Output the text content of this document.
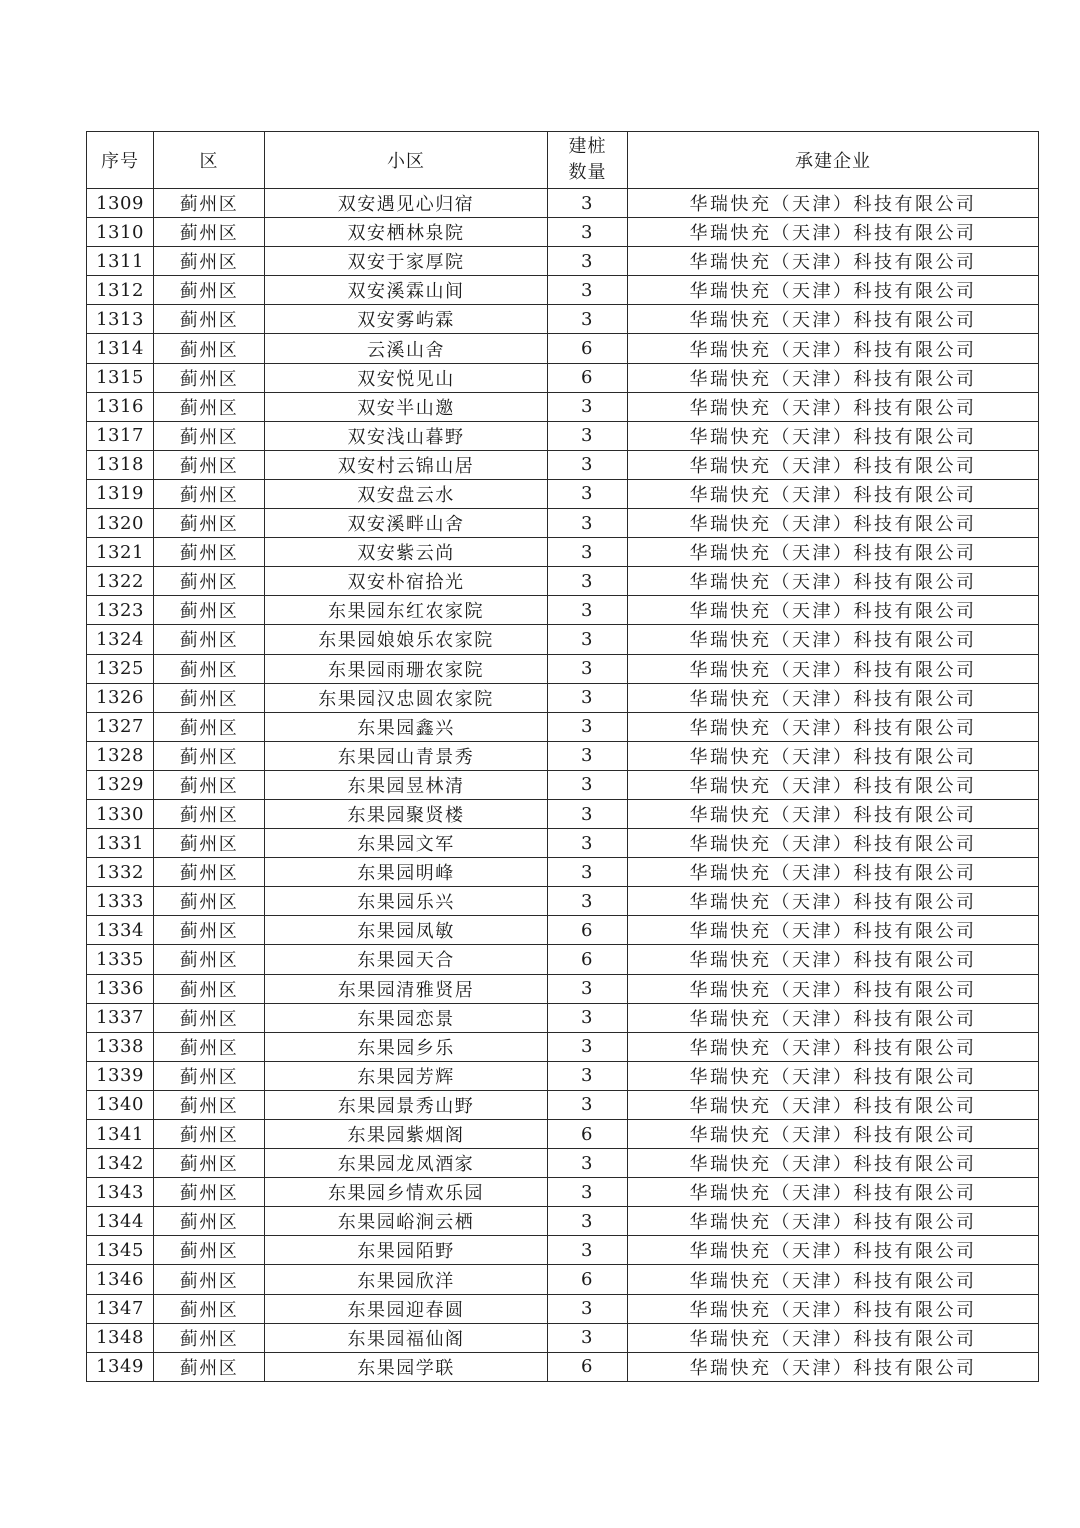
序号	区	小区	建桩
数量	承建企业
1309	蓟州区	双安遇见心归宿	3	华瑞快充（天津）科技有限公司
1310	蓟州区	双安栖林泉院	3	华瑞快充（天津）科技有限公司
1311	蓟州区	双安于家厚院	3	华瑞快充（天津）科技有限公司
1312	蓟州区	双安溪霖山间	3	华瑞快充（天津）科技有限公司
1313	蓟州区	双安雾屿霖	3	华瑞快充（天津）科技有限公司
1314	蓟州区	云溪山舍	6	华瑞快充（天津）科技有限公司
1315	蓟州区	双安悦见山	6	华瑞快充（天津）科技有限公司
1316	蓟州区	双安半山邀	3	华瑞快充（天津）科技有限公司
1317	蓟州区	双安浅山暮野	3	华瑞快充（天津）科技有限公司
1318	蓟州区	双安村云锦山居	3	华瑞快充（天津）科技有限公司
1319	蓟州区	双安盘云水	3	华瑞快充（天津）科技有限公司
1320	蓟州区	双安溪畔山舍	3	华瑞快充（天津）科技有限公司
1321	蓟州区	双安紫云尚	3	华瑞快充（天津）科技有限公司
1322	蓟州区	双安朴宿拾光	3	华瑞快充（天津）科技有限公司
1323	蓟州区	东果园东红农家院	3	华瑞快充（天津）科技有限公司
1324	蓟州区	东果园娘娘乐农家院	3	华瑞快充（天津）科技有限公司
1325	蓟州区	东果园雨珊农家院	3	华瑞快充（天津）科技有限公司
1326	蓟州区	东果园汉忠圆农家院	3	华瑞快充（天津）科技有限公司
1327	蓟州区	东果园鑫兴	3	华瑞快充（天津）科技有限公司
1328	蓟州区	东果园山青景秀	3	华瑞快充（天津）科技有限公司
1329	蓟州区	东果园昱林清	3	华瑞快充（天津）科技有限公司
1330	蓟州区	东果园聚贤楼	3	华瑞快充（天津）科技有限公司
1331	蓟州区	东果园文军	3	华瑞快充（天津）科技有限公司
1332	蓟州区	东果园明峰	3	华瑞快充（天津）科技有限公司
1333	蓟州区	东果园乐兴	3	华瑞快充（天津）科技有限公司
1334	蓟州区	东果园凤敏	6	华瑞快充（天津）科技有限公司
1335	蓟州区	东果园天合	6	华瑞快充（天津）科技有限公司
1336	蓟州区	东果园清雅贤居	3	华瑞快充（天津）科技有限公司
1337	蓟州区	东果园恋景	3	华瑞快充（天津）科技有限公司
1338	蓟州区	东果园乡乐	3	华瑞快充（天津）科技有限公司
1339	蓟州区	东果园芳辉	3	华瑞快充（天津）科技有限公司
1340	蓟州区	东果园景秀山野	3	华瑞快充（天津）科技有限公司
1341	蓟州区	东果园紫烟阁	6	华瑞快充（天津）科技有限公司
1342	蓟州区	东果园龙凤酒家	3	华瑞快充（天津）科技有限公司
1343	蓟州区	东果园乡情欢乐园	3	华瑞快充（天津）科技有限公司
1344	蓟州区	东果园峪涧云栖	3	华瑞快充（天津）科技有限公司
1345	蓟州区	东果园陌野	3	华瑞快充（天津）科技有限公司
1346	蓟州区	东果园欣洋	6	华瑞快充（天津）科技有限公司
1347	蓟州区	东果园迎春圆	3	华瑞快充（天津）科技有限公司
1348	蓟州区	东果园福仙阁	3	华瑞快充（天津）科技有限公司
1349	蓟州区	东果园学联	6	华瑞快充（天津）科技有限公司
